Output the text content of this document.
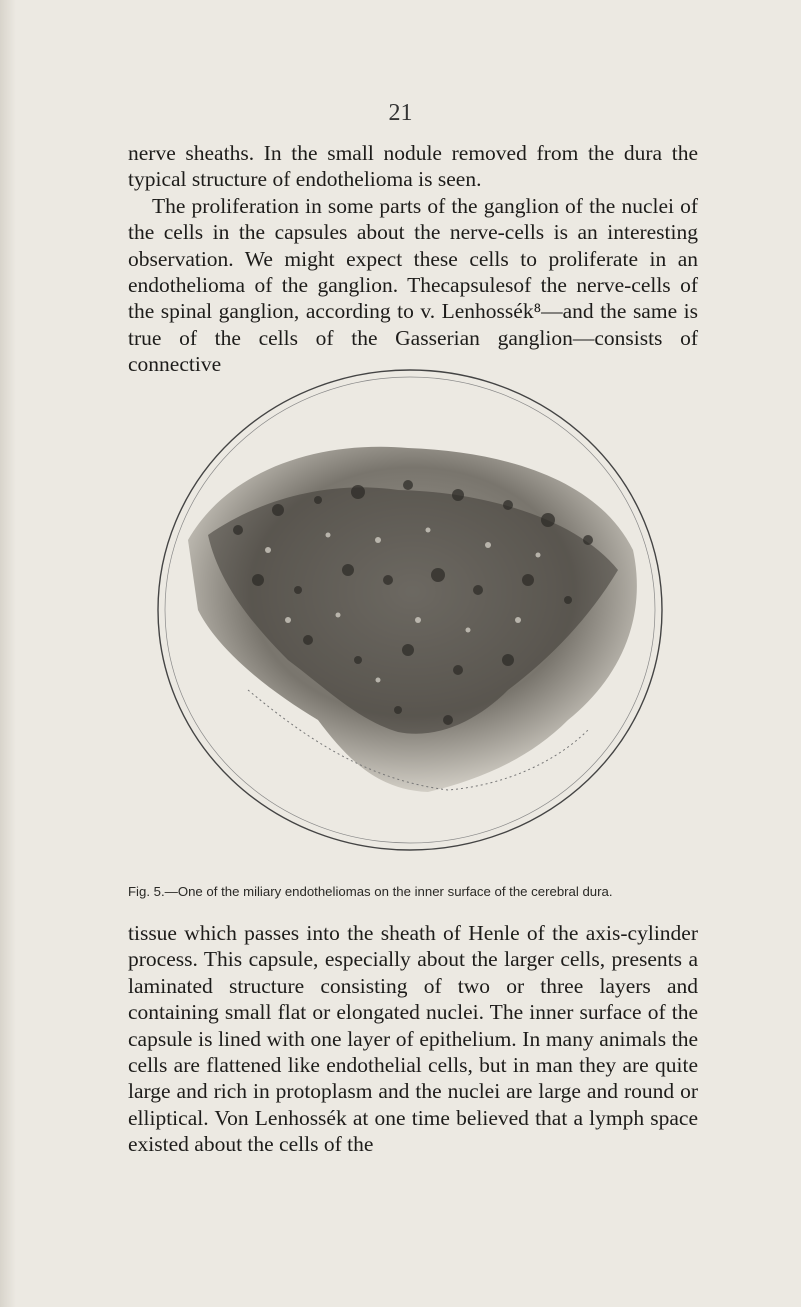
21

nerve sheaths. In the small nodule removed from the dura the typical structure of endothelioma is seen.

The proliferation in some parts of the ganglion of the nuclei of the cells in the capsules about the nerve-cells is an interesting observation. We might expect these cells to proliferate in an endothelioma of the ganglion. Thecapsulesof the nerve-cells of the spinal ganglion, according to v. Lenhossék⁸—and the same is true of the cells of the Gasserian ganglion—consists of connective

Fig. 5.—One of the miliary endotheliomas on the inner surface of the cerebral dura.

tissue which passes into the sheath of Henle of the axis-cylinder process. This capsule, especially about the larger cells, presents a laminated structure consisting of two or three layers and containing small flat or elongated nuclei. The inner surface of the capsule is lined with one layer of epithelium. In many animals the cells are flattened like endothelial cells, but in man they are quite large and rich in protoplasm and the nuclei are large and round or elliptical. Von Lenhossék at one time believed that a lymph space existed about the cells of the
